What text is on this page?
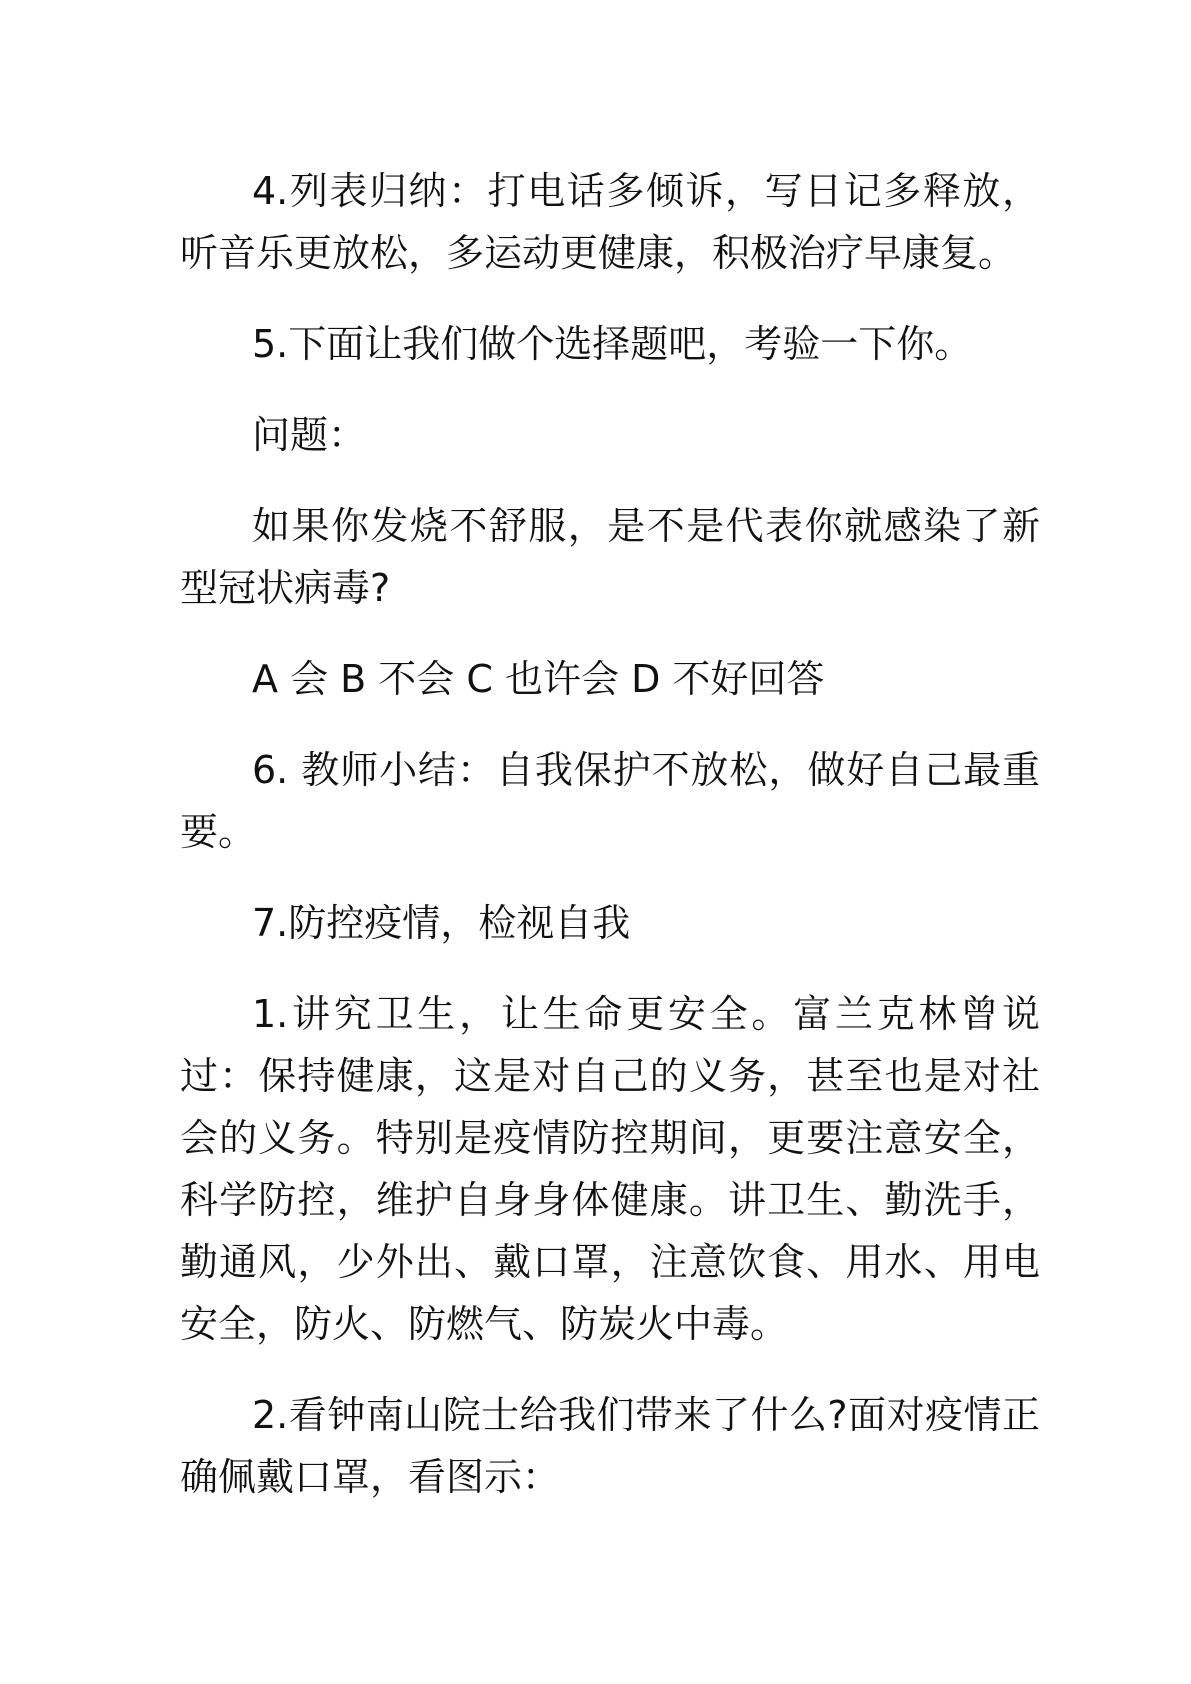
4.列表归纳：打电话多倾诉，写日记多释放，听音乐更放松，多运动更健康，积极治疗早康复。

5.下面让我们做个选择题吧，考验一下你。

问题：

如果你发烧不舒服，是不是代表你就感染了新型冠状病毒?

A 会 B 不会 C 也许会 D 不好回答

6. 教师小结：自我保护不放松，做好自己最重要。

7.防控疫情，检视自我

1.讲究卫生，让生命更安全。富兰克林曾说过：保持健康，这是对自己的义务，甚至也是对社会的义务。特别是疫情防控期间，更要注意安全，科学防控，维护自身身体健康。讲卫生、勤洗手，勤通风，少外出、戴口罩，注意饮食、用水、用电安全，防火、防燃气、防炭火中毒。

2.看钟南山院士给我们带来了什么?面对疫情正确佩戴口罩，看图示：
